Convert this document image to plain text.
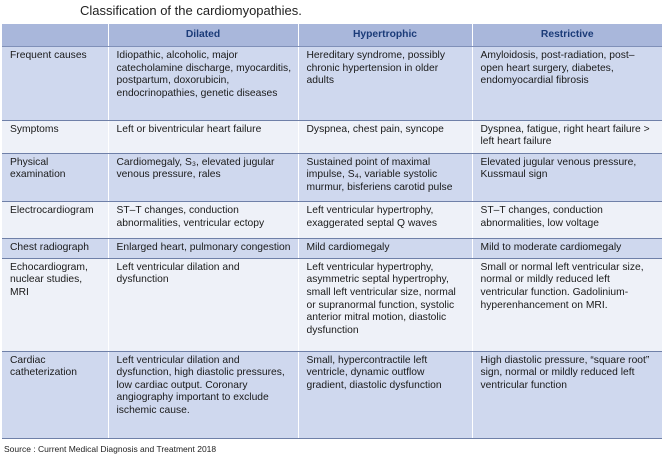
Classification of the cardiomyopathies.
	Dilated	Hypertrophic	Restrictive
Frequent causes	Idiopathic, alcoholic, major catecholamine discharge, myocarditis, postpartum, doxorubicin, endocrinopathies, genetic diseases	Hereditary syndrome, possibly chronic hypertension in older adults	Amyloidosis, post-radiation, post–open heart surgery, diabetes, endomyocardial fibrosis
Symptoms	Left or biventricular heart failure	Dyspnea, chest pain, syncope	Dyspnea, fatigue, right heart failure > left heart failure
Physical examination	Cardiomegaly, S₃, elevated jugular venous pressure, rales	Sustained point of maximal impulse, S₄, variable systolic murmur, bisferiens carotid pulse	Elevated jugular venous pressure, Kussmaul sign
Electrocardiogram	ST–T changes, conduction abnormalities, ventricular ectopy	Left ventricular hypertrophy, exaggerated septal Q waves	ST–T changes, conduction abnormalities, low voltage
Chest radiograph	Enlarged heart, pulmonary congestion	Mild cardiomegaly	Mild to moderate cardiomegaly
Echocardiogram, nuclear studies, MRI	Left ventricular dilation and dysfunction	Left ventricular hypertrophy, asymmetric septal hypertrophy, small left ventricular size, normal or supranormal function, systolic anterior mitral motion, diastolic dysfunction	Small or normal left ventricular size, normal or mildly reduced left ventricular function. Gadolinium-hyperenhancement on MRI.
Cardiac catheterization	Left ventricular dilation and dysfunction, high diastolic pressures, low cardiac output. Coronary angiography important to exclude ischemic cause.	Small, hypercontractile left ventricle, dynamic outflow gradient, diastolic dysfunction	High diastolic pressure, “square root” sign, normal or mildly reduced left ventricular function
Source : Current Medical Diagnosis and Treatment 2018
